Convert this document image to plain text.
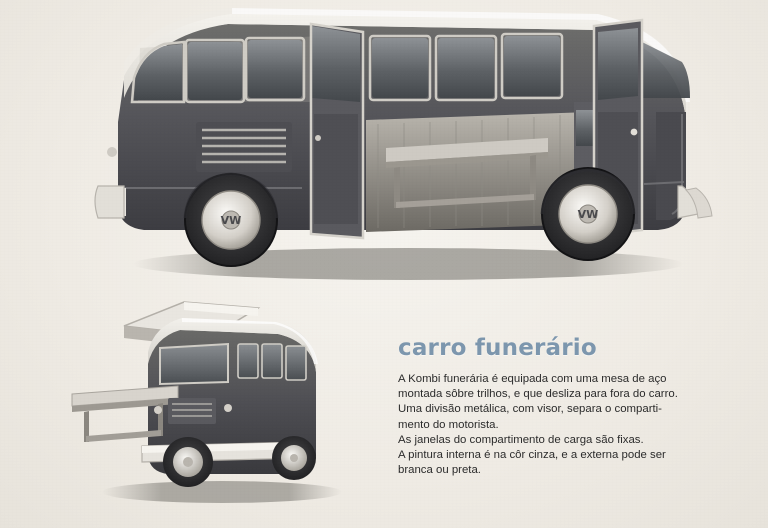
VW	VW
carro funerário

A Kombi funerária é equipada com uma mesa de aço

montada sôbre trilhos, e que desliza para fora do carro.

Uma divisão metálica, com visor, separa o comparti-

mento do motorista.

As janelas do compartimento de carga são fixas.

A pintura interna é na côr cinza, e a externa pode ser

branca ou preta.
